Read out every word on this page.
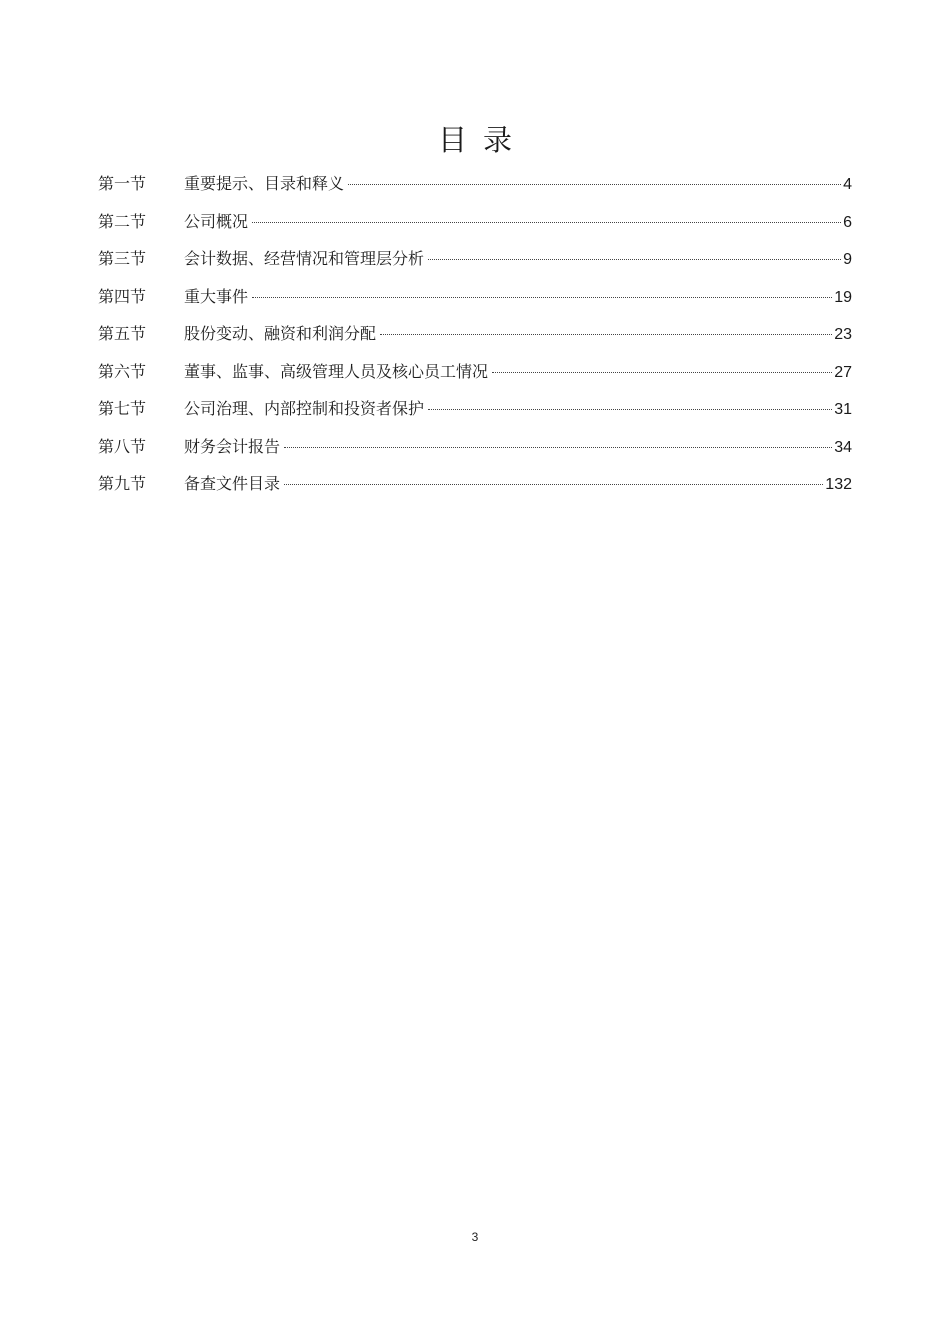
目录
第一节	重要提示、目录和释义	4
第二节	公司概况	6
第三节	会计数据、经营情况和管理层分析	9
第四节	重大事件	19
第五节	股份变动、融资和利润分配	23
第六节	董事、监事、高级管理人员及核心员工情况	27
第七节	公司治理、内部控制和投资者保护	31
第八节	财务会计报告	34
第九节	备查文件目录	132
3
